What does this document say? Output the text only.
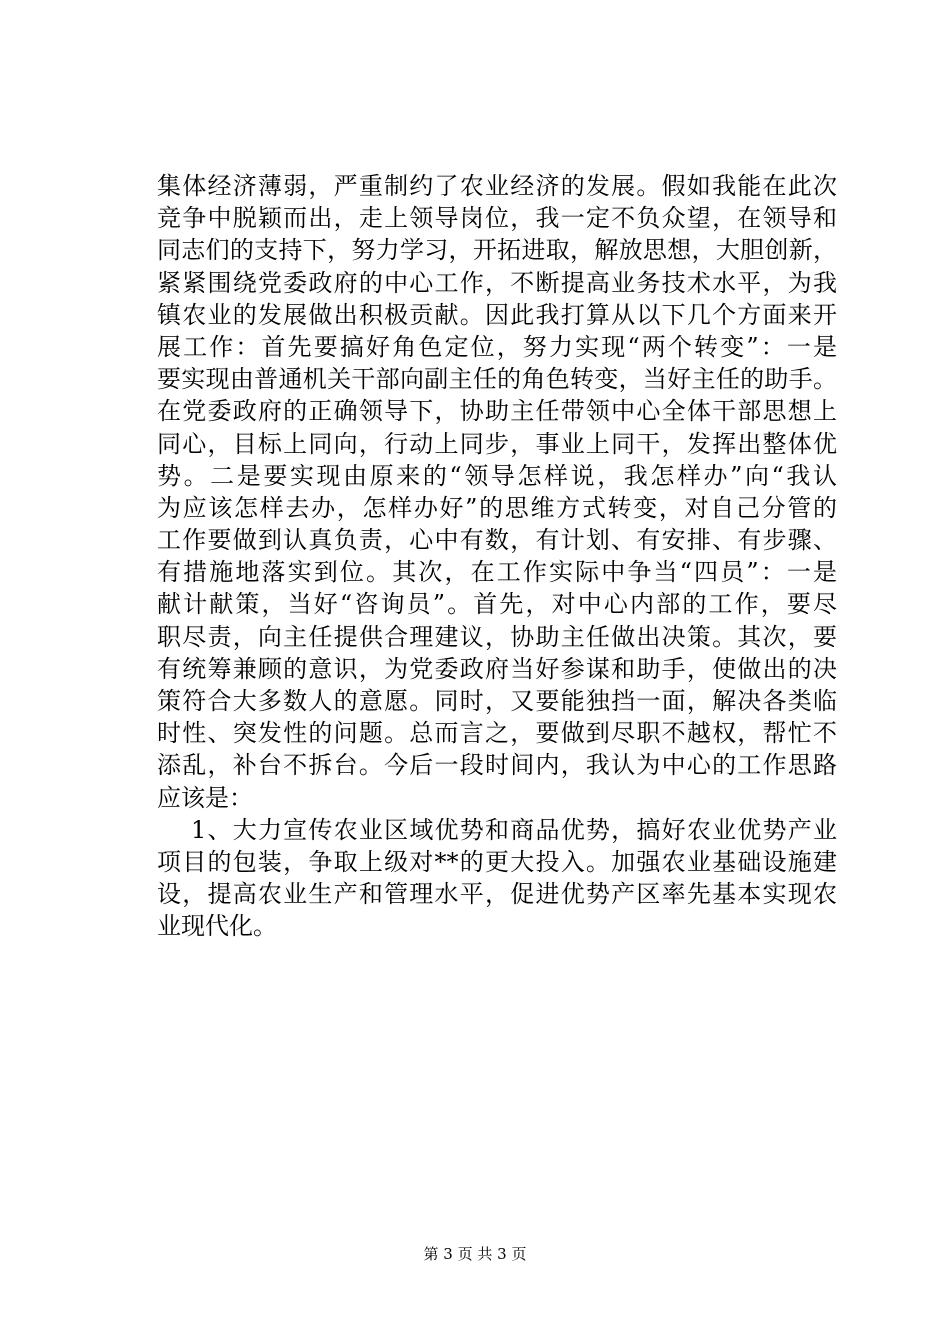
集体经济薄弱，严重制约了农业经济的发展。假如我能在此次
竞争中脱颖而出，走上领导岗位，我一定不负众望，在领导和
同志们的支持下，努力学习，开拓进取，解放思想，大胆创新，
紧紧围绕党委政府的中心工作，不断提高业务技术水平，为我
镇农业的发展做出积极贡献。因此我打算从以下几个方面来开
展工作：首先要搞好角色定位，努力实现“两个转变”：一是
要实现由普通机关干部向副主任的角色转变，当好主任的助手。
在党委政府的正确领导下，协助主任带领中心全体干部思想上
同心，目标上同向，行动上同步，事业上同干，发挥出整体优
势。二是要实现由原来的“领导怎样说，我怎样办”向“我认
为应该怎样去办，怎样办好”的思维方式转变，对自己分管的
工作要做到认真负责，心中有数，有计划、有安排、有步骤、
有措施地落实到位。其次，在工作实际中争当“四员”：一是
献计献策，当好“咨询员”。首先，对中心内部的工作，要尽
职尽责，向主任提供合理建议，协助主任做出决策。其次，要
有统筹兼顾的意识，为党委政府当好参谋和助手，使做出的决
策符合大多数人的意愿。同时，又要能独挡一面，解决各类临
时性、突发性的问题。总而言之，要做到尽职不越权，帮忙不
添乱，补台不拆台。今后一段时间内，我认为中心的工作思路
应该是：
1、大力宣传农业区域优势和商品优势，搞好农业优势产业
项目的包装，争取上级对**的更大投入。加强农业基础设施建
设，提高农业生产和管理水平，促进优势产区率先基本实现农
业现代化。
第 3 页 共 3 页
